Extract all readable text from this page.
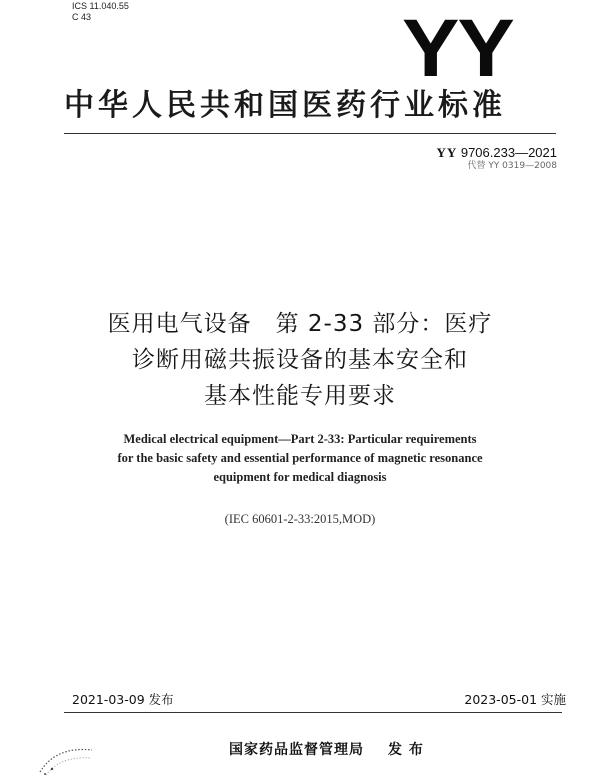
ICS 11.040.55
C 43	YY
中华人民共和国医药行业标准
YY 9706.233—2021
代替 YY 0319—2008
医用电气设备　第 2-33 部分：医疗
诊断用磁共振设备的基本安全和
基本性能专用要求
Medical electrical equipment—Part 2-33: Particular requirements
for the basic safety and essential performance of magnetic resonance
equipment for medical diagnosis
(IEC 60601-2-33:2015,MOD)
2021-03-09 发布	2023-05-01 实施
国家药品监督管理局 发 布
